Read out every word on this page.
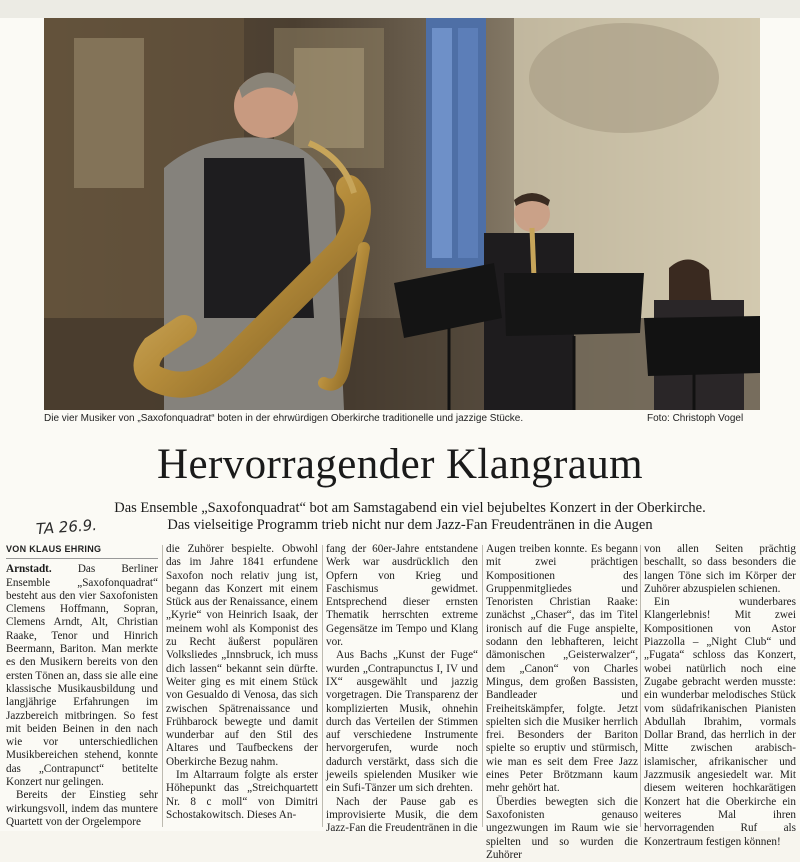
Die vier Musiker von „Saxofonquadrat“ boten in der ehrwürdigen Oberkirche traditionelle und jazzige Stücke.	Foto: Christoph Vogel
Hervorragender Klangraum
Das Ensemble „Saxofonquadrat“ bot am Samstagabend ein viel bejubeltes Konzert in der Oberkirche.
Das vielseitige Programm trieb nicht nur dem Jazz-Fan Freudentränen in die Augen
TA 26.9.
VON KLAUS EHRING

Arnstadt. Das Berliner Ensemble „Saxofonquadrat“ besteht aus den vier Saxofonisten Clemens Hoffmann, Sopran, Clemens Arndt, Alt, Christian Raake, Tenor und Hinrich Beermann, Bariton. Man merkte es den Musikern bereits von den ersten Tönen an, dass sie alle eine klassische Musikausbildung und langjährige Erfahrungen im Jazzbereich mitbringen. So fest mit beiden Beinen in den nach wie vor unterschiedlichen Musikbereichen stehend, konnte das „Contrapunct“ betitelte Konzert nur gelingen.

Bereits der Einstieg sehr wirkungsvoll, indem das muntere Quartett von der Orgelempore

die Zuhörer bespielte. Obwohl das im Jahre 1841 erfundene Saxofon noch relativ jung ist, begann das Konzert mit einem Stück aus der Renaissance, einem „Kyrie“ von Heinrich Isaak, der meinem wohl als Komponist des zu Recht äußerst populären Volksliedes „Innsbruck, ich muss dich lassen“ bekannt sein dürfte. Weiter ging es mit einem Stück von Gesualdo di Venosa, das sich zwischen Spätrenaissance und Frühbarock bewegte und damit wunderbar auf den Stil des Altares und Taufbeckens der Oberkirche Bezug nahm.

Im Altarraum folgte als erster Höhepunkt das „Streichquartett Nr. 8 c moll“ von Dimitri Schostakowitsch. Dieses An-

fang der 60er-Jahre entstandene Werk war ausdrücklich den Opfern von Krieg und Faschismus gewidmet. Entsprechend dieser ernsten Thematik herrschten extreme Gegensätze im Tempo und Klang vor.

Aus Bachs „Kunst der Fuge“ wurden „Contrapunctus I, IV und IX“ ausgewählt und jazzig vorgetragen. Die Transparenz der komplizierten Musik, ohnehin durch das Verteilen der Stimmen auf verschiedene Instrumente hervorgerufen, wurde noch dadurch verstärkt, dass sich die jeweils spielenden Musiker wie ein Sufi-Tänzer um sich drehten.

Nach der Pause gab es improvisierte Musik, die dem Jazz-Fan die Freudentränen in die

Augen treiben konnte. Es begann mit zwei prächtigen Kompositionen des Gruppenmitgliedes und Tenoristen Christian Raake: zunächst „Chaser“, das im Titel ironisch auf die Fuge anspielte, sodann den lebhafteren, leicht dämonischen „Geisterwalzer“, dem „Canon“ von Charles Mingus, dem großen Bassisten, Bandleader und Freiheitskämpfer, folgte. Jetzt spielten sich die Musiker herrlich frei. Besonders der Bariton spielte so eruptiv und stürmisch, wie man es seit dem Free Jazz eines Peter Brötzmann kaum mehr gehört hat.

Überdies bewegten sich die Saxofonisten genauso ungezwungen im Raum wie sie spielten und so wurden die Zuhörer

von allen Seiten prächtig beschallt, so dass besonders die langen Töne sich im Körper der Zuhörer abzuspielen schienen.

Ein wunderbares Klangerlebnis! Mit zwei Kompositionen von Astor Piazzolla – „Night Club“ und „Fugata“ schloss das Konzert, wobei natürlich noch eine Zugabe gebracht werden musste: ein wunderbar melodisches Stück vom südafrikanischen Pianisten Abdullah Ibrahim, vormals Dollar Brand, das herrlich in der Mitte zwischen arabisch-islamischer, afrikanischer und Jazzmusik angesiedelt war. Mit diesem weiteren hochkarätigen Konzert hat die Oberkirche ein weiteres Mal ihren hervorragenden Ruf als Konzertraum festigen können!
